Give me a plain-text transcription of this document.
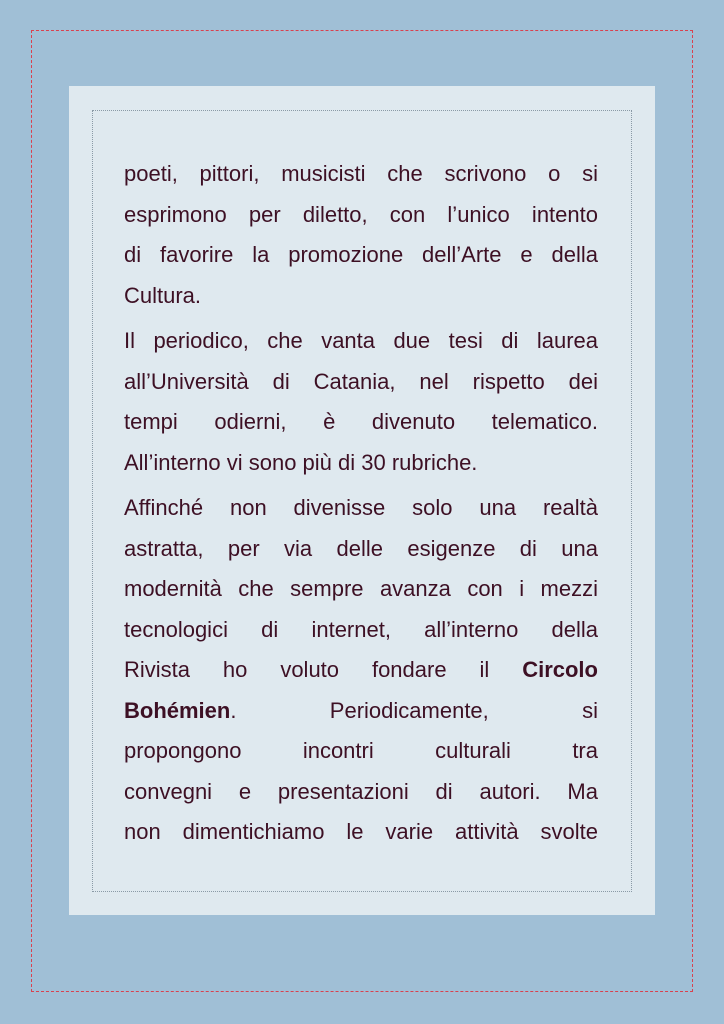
poeti, pittori, musicisti che scrivono o si
esprimono per diletto, con l’unico intento
di favorire la promozione dell’Arte e della
Cultura.
Il periodico, che vanta due tesi di laurea
all’Università di Catania, nel rispetto dei
tempi odierni, è divenuto telematico.
All’interno vi sono più di 30 rubriche.
Affinché non divenisse solo una realtà
astratta, per via delle esigenze di una
modernità che sempre avanza con i mezzi
tecnologici di internet, all’interno della
Rivista ho voluto fondare il Circolo
Bohémien. Periodicamente, si
propongono incontri culturali tra
convegni e presentazioni di autori. Ma
non dimentichiamo le varie attività svolte
